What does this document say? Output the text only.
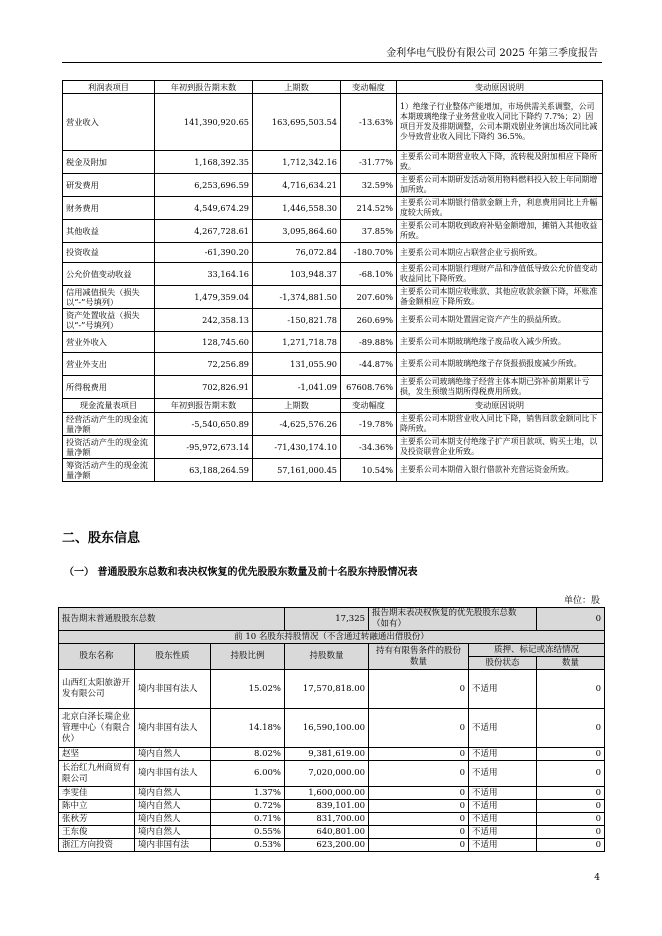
金利华电气股份有限公司 2025 年第三季度报告
利润表项目	年初到报告期末数	上期数	变动幅度	变动原因说明
营业收入	141,390,920.65	163,695,503.54	-13.63%	1）绝缘子行业整体产能增加，市场供需关系调整，公司本期玻璃绝缘子业务营业收入同比下降约 7.7%；2）因项目开发及排期调整，公司本期戏剧业务演出场次同比减少导致营业收入同比下降约 36.5%。
税金及附加	1,168,392.35	1,712,342.16	-31.77%	主要系公司本期营业收入下降，流转税及附加相应下降所致。
研发费用	6,253,696.59	4,716,634.21	32.59%	主要系公司本期研发活动领用物料燃料投入较上年同期增加所致。
财务费用	4,549,674.29	1,446,558.30	214.52%	主要系公司本期银行借款金额上升，利息费用同比上升幅度较大所致。
其他收益	4,267,728.61	3,095,864.60	37.85%	主要系公司本期收到政府补贴金额增加，摊销入其他收益所致。
投资收益	-61,390.20	76,072.84	-180.70%	主要系公司本期应占联营企业亏损所致。
公允价值变动收益	33,164.16	103,948.37	-68.10%	主要系公司本期银行理财产品和净值低导致公允价值变动收益同比下降所致。
信用减值损失（损失以“-”号填列）	1,479,359.04	-1,374,881.50	207.60%	主要系公司本期应收账款、其他应收款余额下降，坏账准备金额相应下降所致。
资产处置收益（损失以“-”号填列）	242,358.13	-150,821.78	260.69%	主要系公司本期处置固定资产产生的损益所致。
营业外收入	128,745.60	1,271,718.78	-89.88%	主要系公司本期玻璃绝缘子废品收入减少所致。
营业外支出	72,256.89	131,055.90	-44.87%	主要系公司本期玻璃绝缘子存货报损报废减少所致。
所得税费用	702,826.91	-1,041.09	67608.76%	主要系公司玻璃绝缘子经营主体本期已弥补前期累计亏损，发生预缴当期所得税费用所致。
现金流量表项目	年初到报告期末数	上期数	变动幅度	变动原因说明
经营活动产生的现金流量净额	-5,540,650.89	-4,625,576.26	-19.78%	主要系公司本期营业收入同比下降，销售回款金额同比下降所致。
投资活动产生的现金流量净额	-95,972,673.14	-71,430,174.10	-34.36%	主要系公司本期支付绝缘子扩产项目款项、购买土地，以及投资联营企业所致。
筹资活动产生的现金流量净额	63,188,264.59	57,161,000.45	10.54%	主要系公司本期借入银行借款补充营运资金所致。
二、股东信息
（一） 普通股股东总数和表决权恢复的优先股股东数量及前十名股东持股情况表
单位：股
报告期末普通股股东总数			17,325	报告期末表决权恢复的优先股股东总数（如有）		0
前 10 名股东持股情况（不含通过转融通出借股份）						
股东名称	股东性质	持股比例	持股数量	持有有限售条件的股份数量	质押、标记或冻结情况	
					股份状态	数量
山西红太阳旅游开发有限公司	境内非国有法人	15.02%	17,570,818.00	0	不适用	0
北京白泽长瑞企业管理中心（有限合伙）	境内非国有法人	14.18%	16,590,100.00	0	不适用	0
赵坚	境内自然人	8.02%	9,381,619.00	0	不适用	0
长治红九州商贸有限公司	境内非国有法人	6.00%	7,020,000.00	0	不适用	0
李雯佳	境内自然人	1.37%	1,600,000.00	0	不适用	0
陈中立	境内自然人	0.72%	839,101.00	0	不适用	0
张秋芳	境内自然人	0.71%	831,700.00	0	不适用	0
王东俊	境内自然人	0.55%	640,801.00	0	不适用	0
浙江方向投资	境内非国有法	0.53%	623,200.00	0	不适用	0
4
